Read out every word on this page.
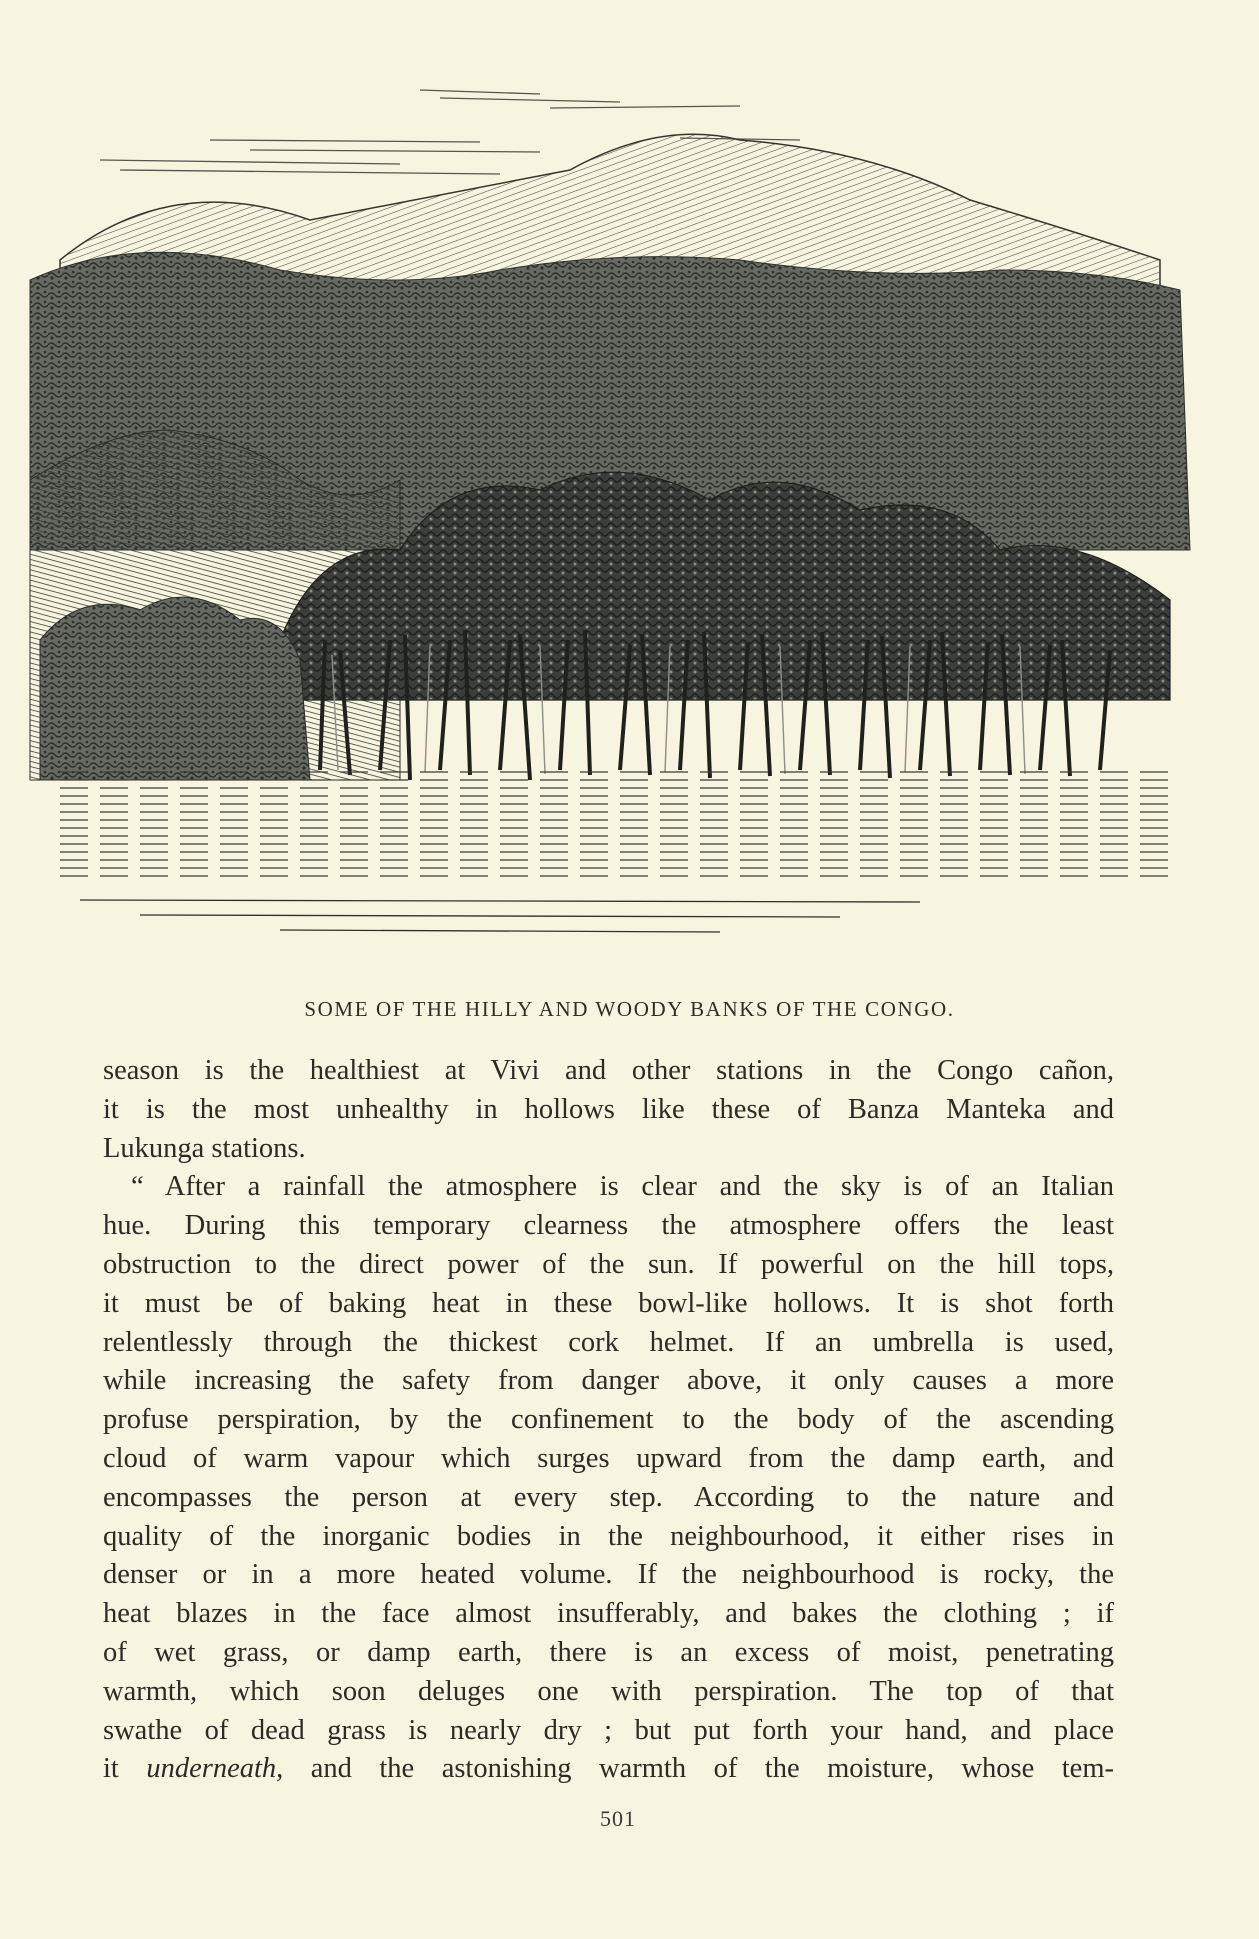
SOME OF THE HILLY AND WOODY BANKS OF THE CONGO.
season is the healthiest at Vivi and other stations in the Congo cañon,
it is the most unhealthy in hollows like these of Banza Manteka and
Lukunga stations.
“ After a rainfall the atmosphere is clear and the sky is of an Italian
hue. During this temporary clearness the atmosphere offers the least
obstruction to the direct power of the sun. If powerful on the hill tops,
it must be of baking heat in these bowl-like hollows. It is shot forth
relentlessly through the thickest cork helmet. If an umbrella is used,
while increasing the safety from danger above, it only causes a more
profuse perspiration, by the confinement to the body of the ascending
cloud of warm vapour which surges upward from the damp earth, and
encompasses the person at every step. According to the nature and
quality of the inorganic bodies in the neighbourhood, it either rises in
denser or in a more heated volume. If the neighbourhood is rocky, the
heat blazes in the face almost insufferably, and bakes the clothing ; if
of wet grass, or damp earth, there is an excess of moist, penetrating
warmth, which soon deluges one with perspiration. The top of that
swathe of dead grass is nearly dry ; but put forth your hand, and place
it underneath, and the astonishing warmth of the moisture, whose tem-
501
